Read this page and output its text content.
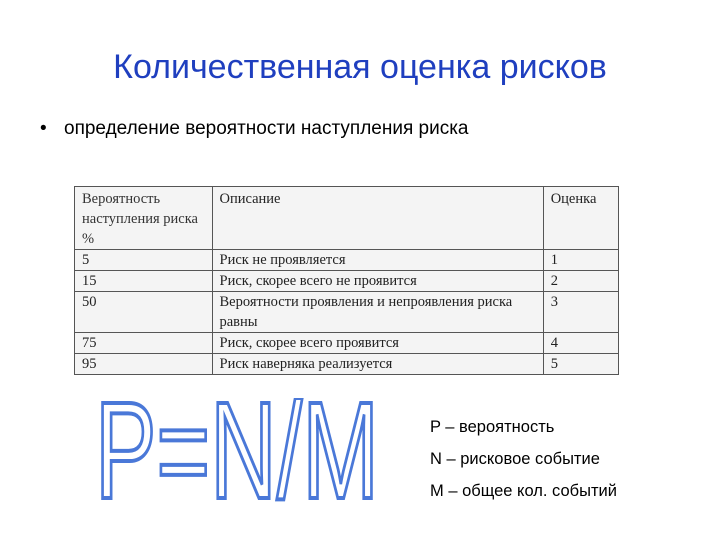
Количественная оценка рисков
• определение вероятности наступления риска
Вероятность наступления риска %	Описание	Оценка
5	Риск не проявляется	1
15	Риск, скорее всего не проявится	2
50	Вероятности проявления и непроявления риска равны	3
75	Риск, скорее всего проявится	4
95	Риск наверняка реализуется	5
P=N/M	P – вероятность
N – рисковое событие
M – общее кол. событий
